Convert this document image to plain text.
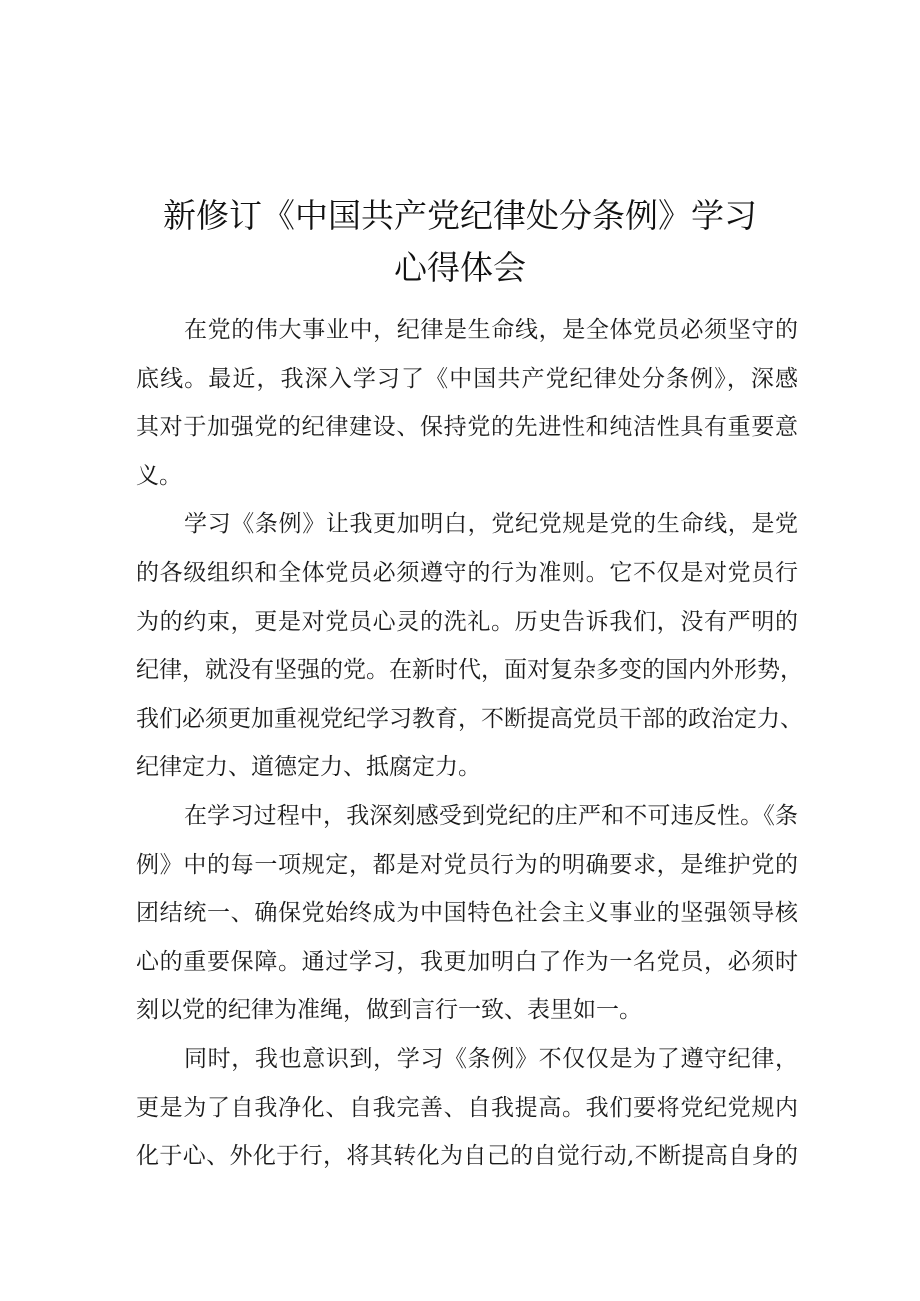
新修订《中国共产党纪律处分条例》学习
心得体会
在党的伟大事业中，纪律是生命线，是全体党员必须坚守的
底线。最近，我深入学习了《中国共产党纪律处分条例》，深感
其对于加强党的纪律建设、保持党的先进性和纯洁性具有重要意
义。
学习《条例》让我更加明白，党纪党规是党的生命线，是党
的各级组织和全体党员必须遵守的行为准则。它不仅是对党员行
为的约束，更是对党员心灵的洗礼。历史告诉我们，没有严明的
纪律，就没有坚强的党。在新时代，面对复杂多变的国内外形势，
我们必须更加重视党纪学习教育，不断提高党员干部的政治定力、
纪律定力、道德定力、抵腐定力。
在学习过程中，我深刻感受到党纪的庄严和不可违反性。《条
例》中的每一项规定，都是对党员行为的明确要求，是维护党的
团结统一、确保党始终成为中国特色社会主义事业的坚强领导核
心的重要保障。通过学习，我更加明白了作为一名党员，必须时
刻以党的纪律为准绳，做到言行一致、表里如一。
同时，我也意识到，学习《条例》不仅仅是为了遵守纪律，
更是为了自我净化、自我完善、自我提高。我们要将党纪党规内
化于心、外化于行，将其转化为自己的自觉行动,不断提高自身的
